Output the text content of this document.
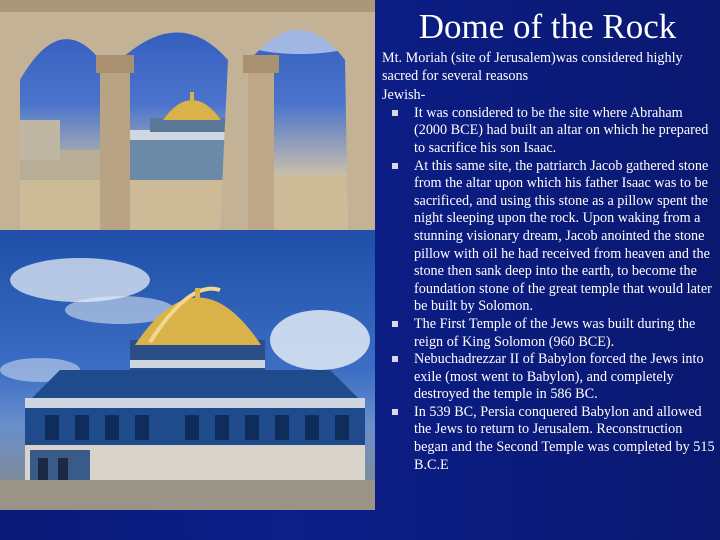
Dome of the Rock

Mt. Moriah (site of Jerusalem)was considered highly sacred for several reasons

Jewish-

It was considered to be the site where Abraham (2000 BCE) had built an altar on which he prepared to sacrifice his son Isaac.
At this same site, the patriarch Jacob gathered stone from the altar upon which his father Isaac was to be sacrificed, and using this stone as a pillow spent the night sleeping upon the rock. Upon waking from a stunning visionary dream, Jacob anointed the stone pillow with oil he had received from heaven and the stone then sank deep into the earth, to become the foundation stone of the great temple that would later be built by Solomon.
The First Temple of the Jews was built during the reign of King Solomon (960 BCE).
Nebuchadrezzar II of Babylon forced the Jews into exile (most went to Babylon), and completely destroyed the temple in 586 BC.
In 539 BC, Persia conquered Babylon and allowed the Jews to return to Jerusalem. Reconstruction began and the Second Temple was completed by 515 B.C.E
